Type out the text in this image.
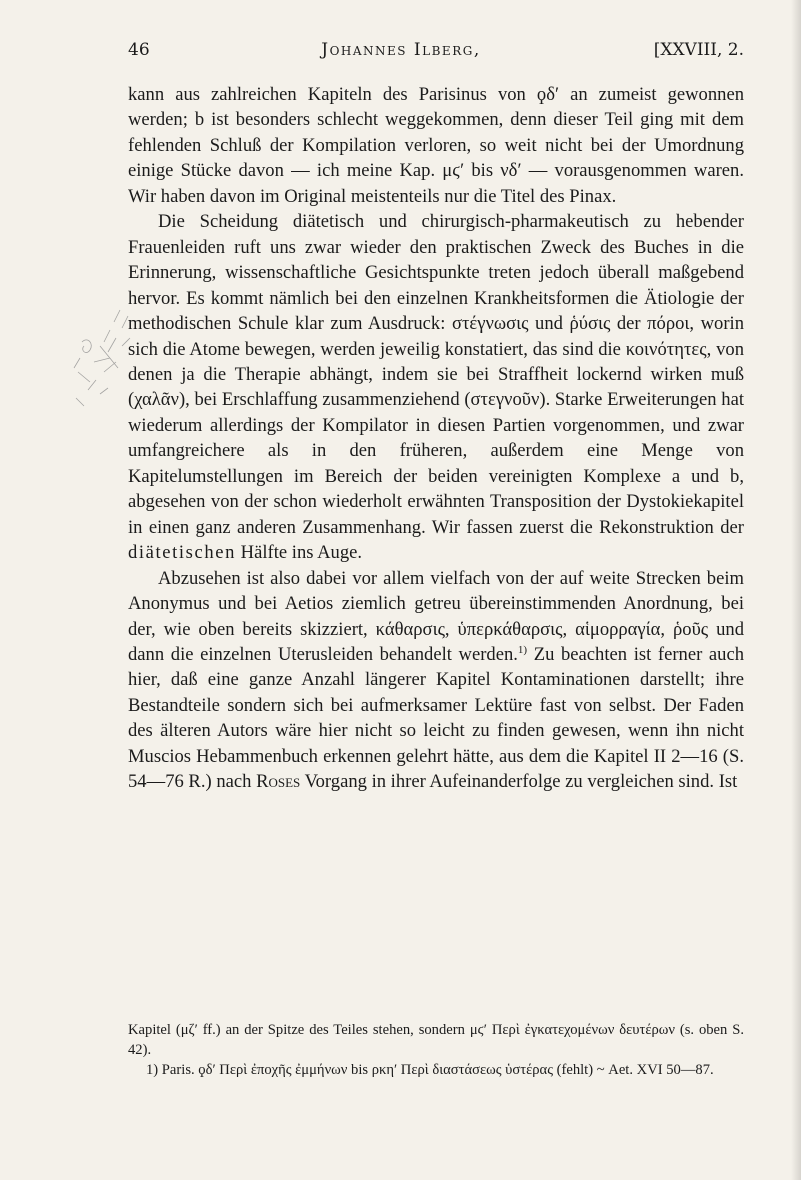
46	Johannes Ilberg,	[XXVIII, 2.

kann aus zahlreichen Kapiteln des Parisinus von ϙδʹ an zumeist gewonnen werden; b ist besonders schlecht weggekommen, denn dieser Teil ging mit dem fehlenden Schluß der Kompilation verloren, so weit nicht bei der Umordnung einige Stücke davon — ich meine Kap. μϛʹ bis νδʹ — vorausgenommen waren. Wir haben davon im Original meistenteils nur die Titel des Pinax.

Die Scheidung diätetisch und chirurgisch-pharmakeutisch zu hebender Frauenleiden ruft uns zwar wieder den praktischen Zweck des Buches in die Erinnerung, wissenschaftliche Gesichtspunkte treten jedoch überall maßgebend hervor. Es kommt nämlich bei den einzelnen Krankheitsformen die Ätiologie der methodischen Schule klar zum Ausdruck: στέγνωσις und ῥύσις der πόροι, worin sich die Atome bewegen, werden jeweilig konstatiert, das sind die κοινότητες, von denen ja die Therapie abhängt, indem sie bei Straffheit lockernd wirken muß (χαλᾶν), bei Erschlaffung zusammenziehend (στεγνοῦν). Starke Erweiterungen hat wiederum allerdings der Kompilator in diesen Partien vorgenommen, und zwar umfangreichere als in den früheren, außerdem eine Menge von Kapitelumstellungen im Bereich der beiden vereinigten Komplexe a und b, abgesehen von der schon wiederholt erwähnten Transposition der Dystokiekapitel in einen ganz anderen Zusammenhang. Wir fassen zuerst die Rekonstruktion der diätetischen Hälfte ins Auge.

Abzusehen ist also dabei vor allem vielfach von der auf weite Strecken beim Anonymus und bei Aetios ziemlich getreu übereinstimmenden Anordnung, bei der, wie oben bereits skizziert, κάθαρσις, ὑπερκάθαρσις, αἱμορραγία, ῥοῦς und dann die einzelnen Uterusleiden behandelt werden.$^{1)}$ Zu beachten ist ferner auch hier, daß eine ganze Anzahl längerer Kapitel Kontaminationen darstellt; ihre Bestandteile sondern sich bei aufmerksamer Lektüre fast von selbst. Der Faden des älteren Autors wäre hier nicht so leicht zu finden gewesen, wenn ihn nicht Muscios Hebammenbuch erkennen gelehrt hätte, aus dem die Kapitel II 2—16 (S. 54—76 R.) nach Roses Vorgang in ihrer Aufeinanderfolge zu vergleichen sind. Ist

Kapitel (μζʹ ff.) an der Spitze des Teiles stehen, sondern μϛʹ Περὶ ἐγκατεχομένων δευτέρων (s. oben S. 42).

1) Paris. ϙδʹ Περὶ ἐποχῆς ἐμμήνων bis ρκηʹ Περὶ διαστάσεως ὑστέρας (fehlt) ~ Aet. XVI 50—87.
